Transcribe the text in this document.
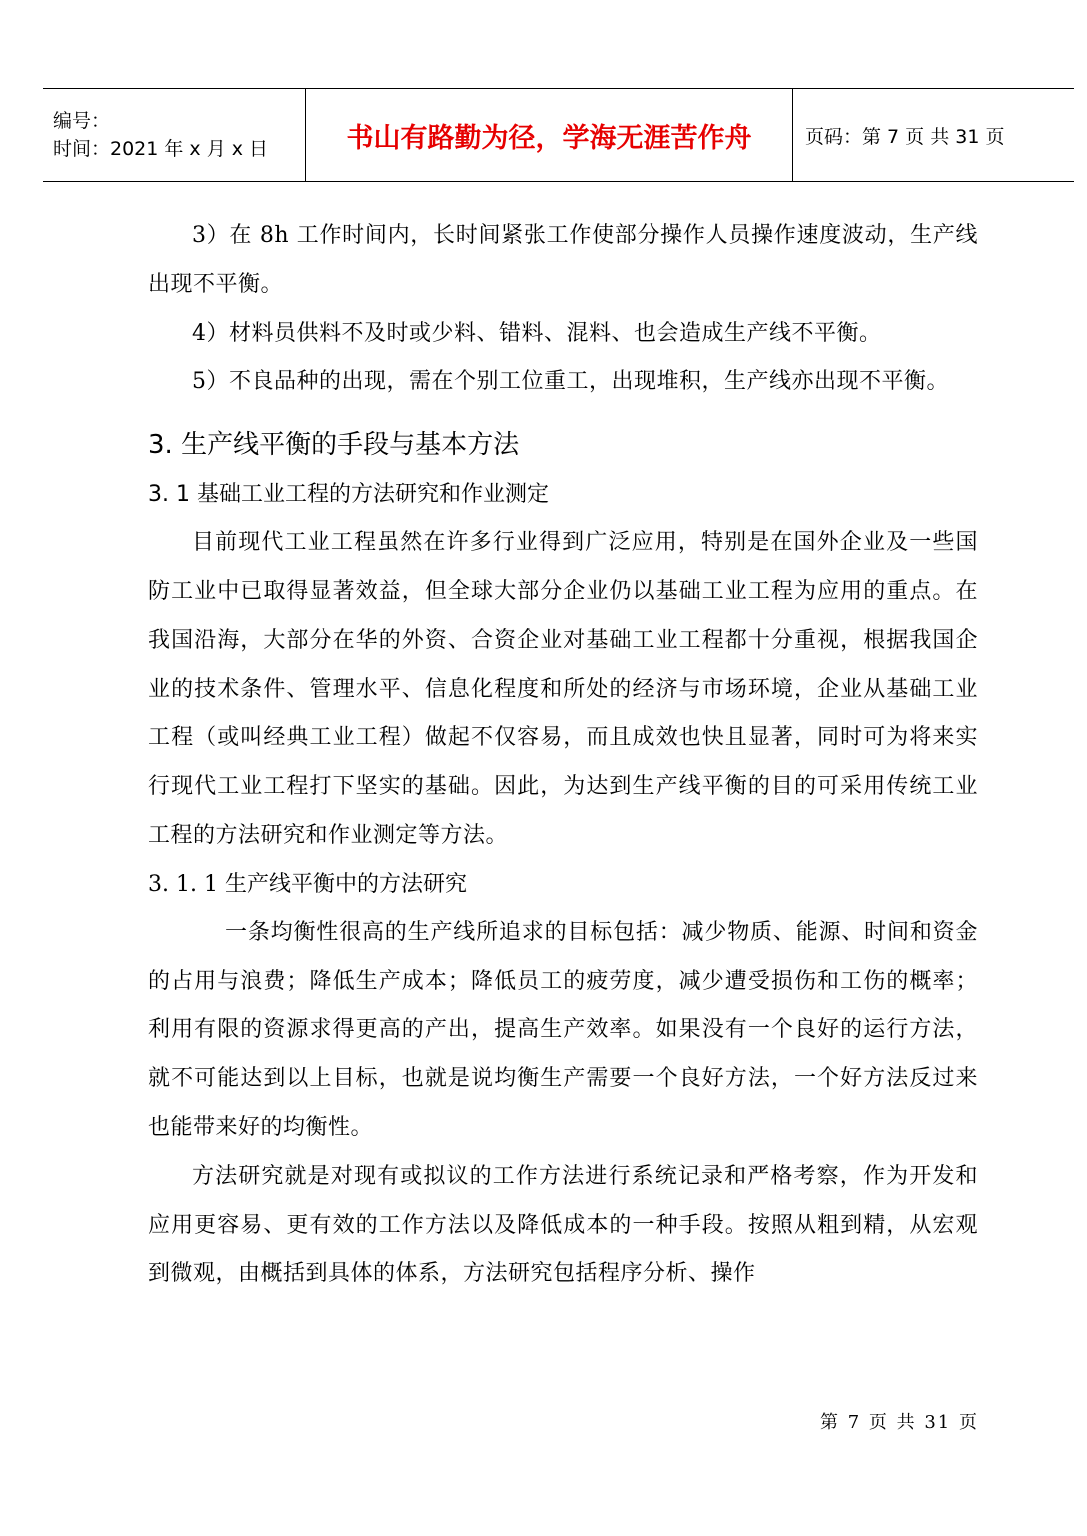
编号：
时间：2021 年 x 月 x 日	书山有路勤为径，学海无涯苦作舟	页码：第 7 页 共 31 页

3）在 8h 工作时间内，长时间紧张工作使部分操作人员操作速度波动，生产线出现不平衡。

4）材料员供料不及时或少料、错料、混料、也会造成生产线不平衡。

5）不良品种的出现，需在个别工位重工，出现堆积，生产线亦出现不平衡。

3. 生产线平衡的手段与基本方法
3. 1 基础工业工程的方法研究和作业测定

目前现代工业工程虽然在许多行业得到广泛应用，特别是在国外企业及一些国防工业中已取得显著效益，但全球大部分企业仍以基础工业工程为应用的重点。在我国沿海，大部分在华的外资、合资企业对基础工业工程都十分重视，根据我国企业的技术条件、管理水平、信息化程度和所处的经济与市场环境，企业从基础工业工程（或叫经典工业工程）做起不仅容易，而且成效也快且显著，同时可为将来实行现代工业工程打下坚实的基础。因此，为达到生产线平衡的目的可采用传统工业工程的方法研究和作业测定等方法。

3. 1. 1 生产线平衡中的方法研究

一条均衡性很高的生产线所追求的目标包括：减少物质、能源、时间和资金的占用与浪费；降低生产成本；降低员工的疲劳度，减少遭受损伤和工伤的概率；利用有限的资源求得更高的产出，提高生产效率。如果没有一个良好的运行方法，就不可能达到以上目标，也就是说均衡生产需要一个良好方法，一个好方法反过来也能带来好的均衡性。

方法研究就是对现有或拟议的工作方法进行系统记录和严格考察，作为开发和应用更容易、更有效的工作方法以及降低成本的一种手段。按照从粗到精，从宏观到微观，由概括到具体的体系，方法研究包括程序分析、操作

第 7 页 共 31 页
